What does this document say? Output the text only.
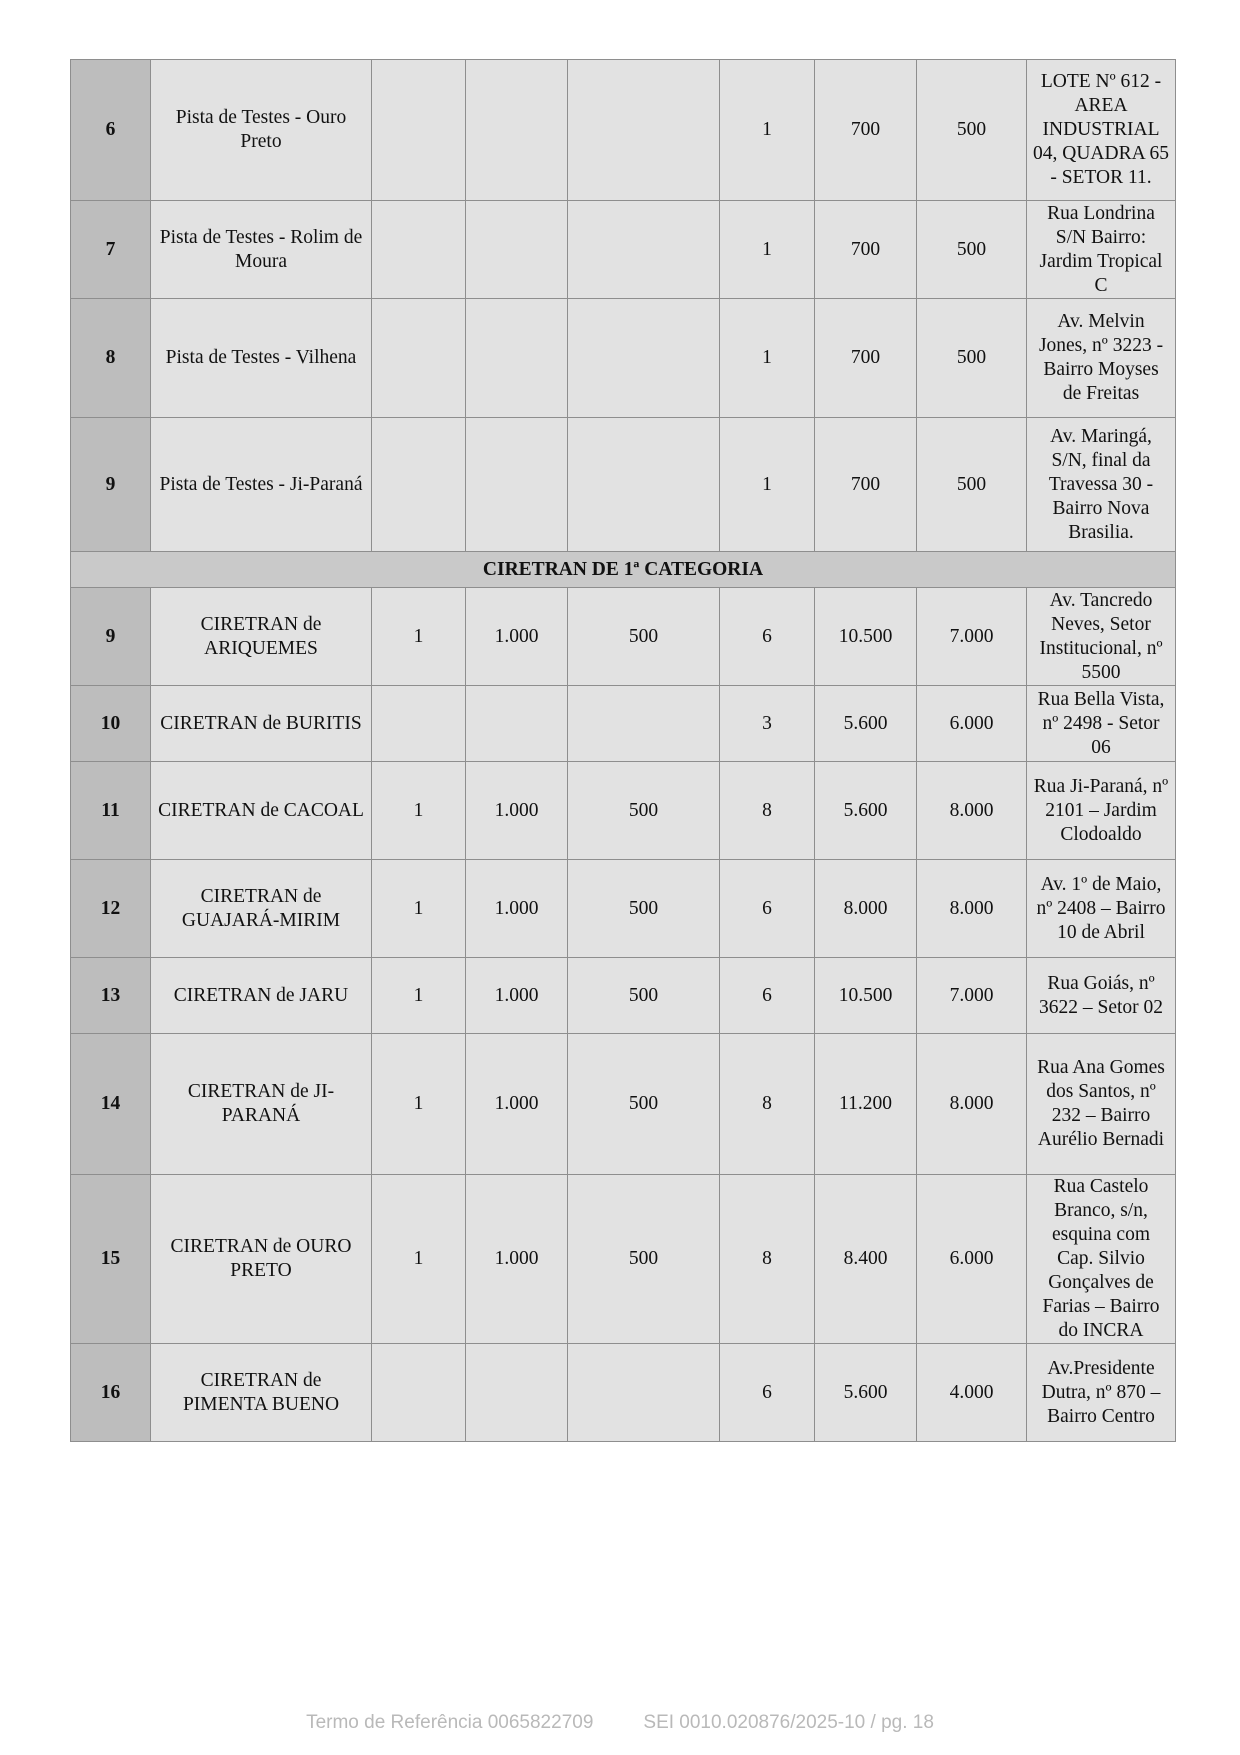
6	Pista de Testes - Ouro Preto				1	700	500	LOTE Nº 612 - AREA INDUSTRIAL 04, QUADRA 65 - SETOR 11.
7	Pista de Testes - Rolim de Moura				1	700	500	Rua Londrina S/N Bairro: Jardim Tropical C
8	Pista de Testes - Vilhena				1	700	500	Av. Melvin Jones, nº 3223 - Bairro Moyses de Freitas
9	Pista de Testes - Ji-Paraná				1	700	500	Av. Maringá, S/N, final da Travessa 30 - Bairro Nova Brasilia.
CIRETRAN DE 1ª CATEGORIA								
9	CIRETRAN de ARIQUEMES	1	1.000	500	6	10.500	7.000	Av. Tancredo Neves, Setor Institucional, nº 5500
10	CIRETRAN de BURITIS				3	5.600	6.000	Rua Bella Vista, nº 2498 - Setor 06
11	CIRETRAN de CACOAL	1	1.000	500	8	5.600	8.000	Rua Ji-Paraná, nº 2101 – Jardim Clodoaldo
12	CIRETRAN de GUAJARÁ-MIRIM	1	1.000	500	6	8.000	8.000	Av. 1º de Maio, nº 2408 – Bairro 10 de Abril
13	CIRETRAN de JARU	1	1.000	500	6	10.500	7.000	Rua Goiás, nº 3622 – Setor 02
14	CIRETRAN de JI-PARANÁ	1	1.000	500	8	11.200	8.000	Rua Ana Gomes dos Santos, nº 232 – Bairro Aurélio Bernadi
15	CIRETRAN de OURO PRETO	1	1.000	500	8	8.400	6.000	Rua Castelo Branco, s/n, esquina com Cap. Silvio Gonçalves de Farias – Bairro do INCRA
16	CIRETRAN de PIMENTA BUENO				6	5.600	4.000	Av.Presidente Dutra, nº 870 – Bairro Centro
Termo de Referência 0065822709	SEI 0010.020876/2025-10 / pg. 18
